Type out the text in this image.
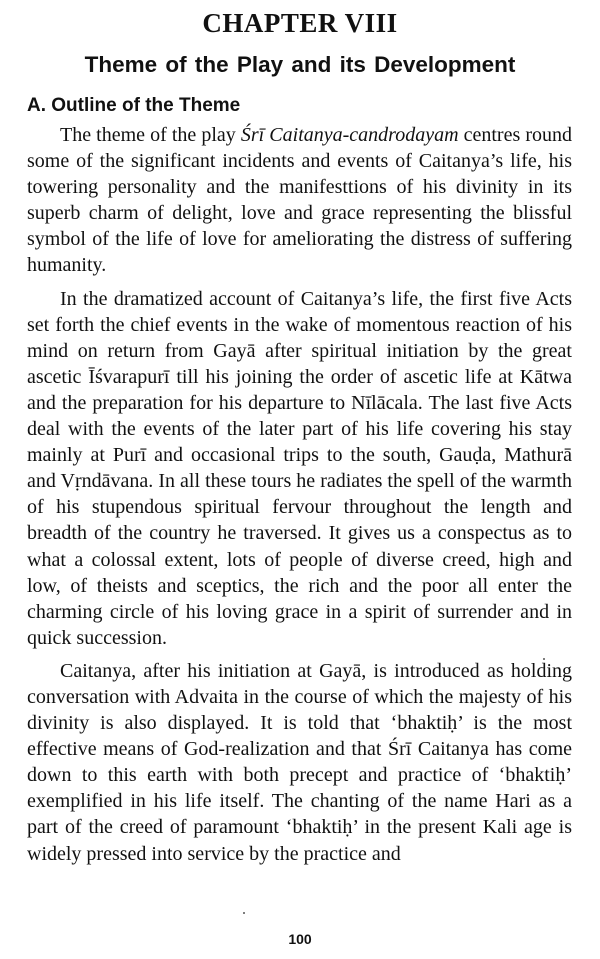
CHAPTER VIII
Theme of the Play and its Development
A. Outline of the Theme

The theme of the play Śrī Caitanya-candrodayam centres round some of the significant incidents and events of Caitanya’s life, his towering personality and the manifesttions of his divinity in its superb charm of delight, love and grace representing the blissful symbol of the life of love for ameliorating the distress of suffering humanity.

In the dramatized account of Caitanya’s life, the first five Acts set forth the chief events in the wake of momentous reaction of his mind on return from Gayā after spiritual initiation by the great ascetic Īśvarapurī till his joining the order of ascetic life at Kātwa and the preparation for his departure to Nīlācala. The last five Acts deal with the events of the later part of his life covering his stay mainly at Purī and occasional trips to the south, Gauḍa, Mathurā and Vṛndāvana. In all these tours he radiates the spell of the warmth of his stupendous spiritual fervour throughout the length and breadth of the country he traversed. It gives us a conspectus as to what a colossal extent, lots of people of diverse creed, high and low, of theists and sceptics, the rich and the poor all enter the charming circle of his loving grace in a spirit of surrender and in quick succession.

Caitanya, after his initiation at Gayā, is introduced as holding conversation with Advaita in the course of which the majesty of his divinity is also displayed. It is told that ‘bhaktiḥ’ is the most effective means of God-realization and that Śrī Caitanya has come down to this earth with both precept and practice of ‘bhaktiḥ’ exemplified in his life itself. The chanting of the name Hari as a part of the creed of paramount ‘bhaktiḥ’ in the present Kali age is widely pressed into service by the practice and

100
